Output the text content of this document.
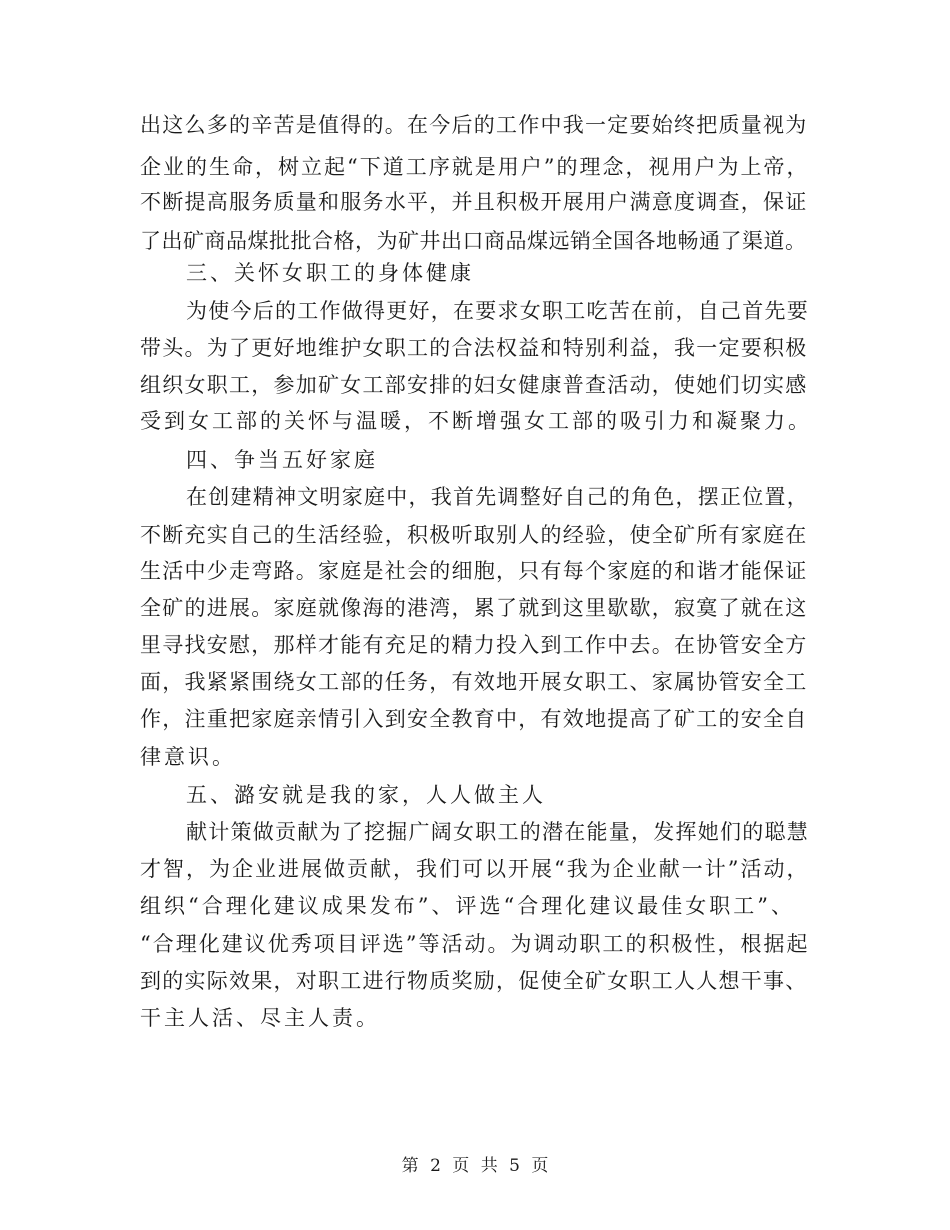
出这么多的辛苦是值得的。在今后的工作中我一定要始终把质量视为
企业的生命，树立起“下道工序就是用户”的理念，视用户为上帝，
不断提高服务质量和服务水平，并且积极开展用户满意度调查，保证
了出矿商品煤批批合格，为矿井出口商品煤远销全国各地畅通了渠道。
三、关怀女职工的身体健康
为使今后的工作做得更好，在要求女职工吃苦在前，自己首先要
带头。为了更好地维护女职工的合法权益和特别利益，我一定要积极
组织女职工，参加矿女工部安排的妇女健康普查活动，使她们切实感
受到女工部的关怀与温暖，不断增强女工部的吸引力和凝聚力。
四、争当五好家庭
在创建精神文明家庭中，我首先调整好自己的角色，摆正位置，
不断充实自己的生活经验，积极听取别人的经验，使全矿所有家庭在
生活中少走弯路。家庭是社会的细胞，只有每个家庭的和谐才能保证
全矿的进展。家庭就像海的港湾，累了就到这里歇歇，寂寞了就在这
里寻找安慰，那样才能有充足的精力投入到工作中去。在协管安全方
面，我紧紧围绕女工部的任务，有效地开展女职工、家属协管安全工
作，注重把家庭亲情引入到安全教育中，有效地提高了矿工的安全自
律意识。
五、潞安就是我的家，人人做主人
献计策做贡献为了挖掘广阔女职工的潜在能量，发挥她们的聪慧
才智，为企业进展做贡献，我们可以开展“我为企业献一计”活动，
组织“合理化建议成果发布”、评选“合理化建议最佳女职工”、
“合理化建议优秀项目评选”等活动。为调动职工的积极性，根据起
到的实际效果，对职工进行物质奖励，促使全矿女职工人人想干事、
干主人活、尽主人责。
第 2 页 共 5 页
